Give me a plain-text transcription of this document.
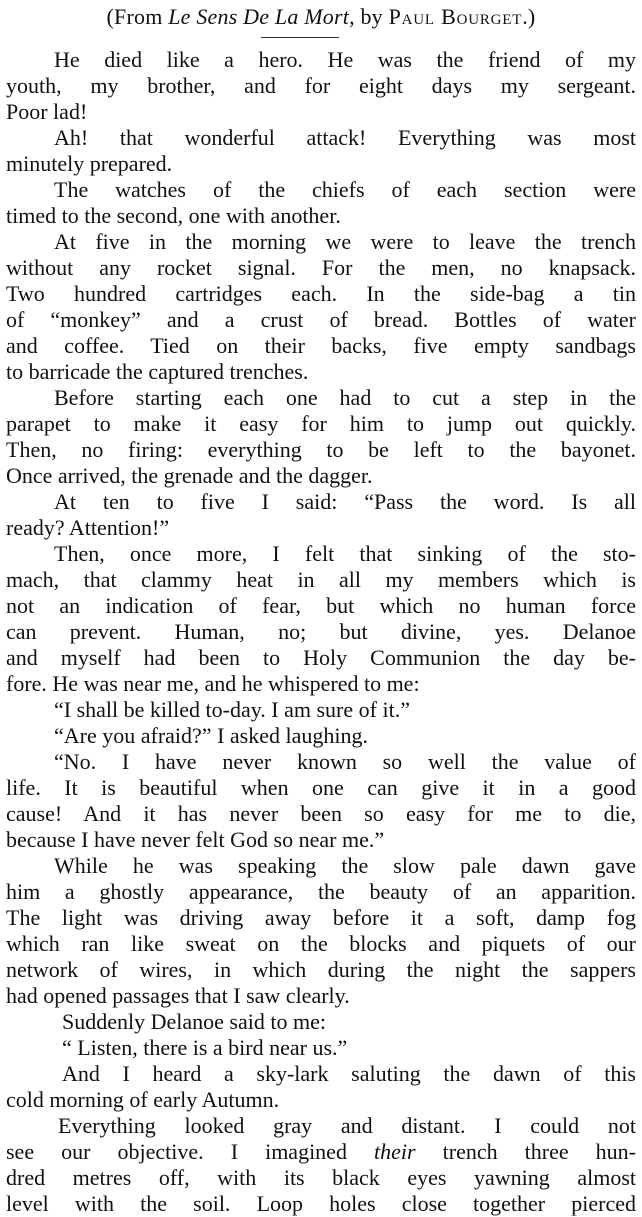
(From Le Sens De La Mort, by Paul Bourget.)
He died like a hero. He was the friend of my
youth, my brother, and for eight days my sergeant.
Poor lad!
Ah! that wonderful attack! Everything was most
minutely prepared.
The watches of the chiefs of each section were
timed to the second, one with another.
At five in the morning we were to leave the trench
without any rocket signal. For the men, no knapsack.
Two hundred cartridges each. In the side-bag a tin
of “monkey” and a crust of bread. Bottles of water
and coffee. Tied on their backs, five empty sandbags
to barricade the captured trenches.
Before starting each one had to cut a step in the
parapet to make it easy for him to jump out quickly.
Then, no firing: everything to be left to the bayonet.
Once arrived, the grenade and the dagger.
At ten to five I said: “Pass the word. Is all
ready? Attention!”
Then, once more, I felt that sinking of the sto-
mach, that clammy heat in all my members which is
not an indication of fear, but which no human force
can prevent. Human, no; but divine, yes. Delanoe
and myself had been to Holy Communion the day be-
fore. He was near me, and he whispered to me:
“I shall be killed to-day. I am sure of it.”
“Are you afraid?” I asked laughing.
“No. I have never known so well the value of
life. It is beautiful when one can give it in a good
cause! And it has never been so easy for me to die,
because I have never felt God so near me.”
While he was speaking the slow pale dawn gave
him a ghostly appearance, the beauty of an apparition.
The light was driving away before it a soft, damp fog
which ran like sweat on the blocks and piquets of our
network of wires, in which during the night the sappers
had opened passages that I saw clearly.
Suddenly Delanoe said to me:
“ Listen, there is a bird near us.”
And I heard a sky-lark saluting the dawn of this
cold morning of early Autumn.
Everything looked gray and distant. I could not
see our objective. I imagined their trench three hun-
dred metres off, with its black eyes yawning almost
level with the soil. Loop holes close together pierced
